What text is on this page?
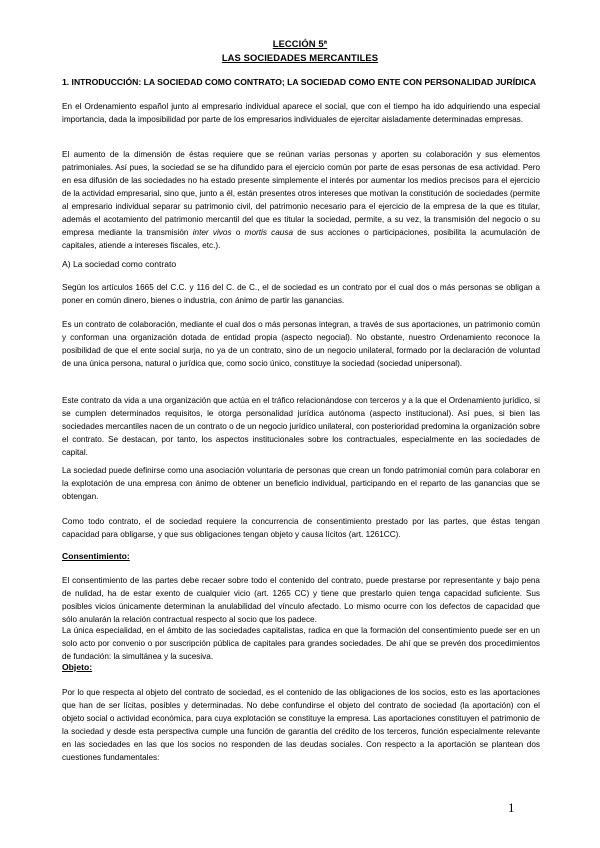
LECCIÓN 5ª
LAS SOCIEDADES MERCANTILES
1. INTRODUCCIÓN: LA SOCIEDAD COMO CONTRATO; LA SOCIEDAD COMO ENTE CON PERSONALIDAD JURÍDICA
En el Ordenamiento español junto al empresario individual aparece el social, que con el tiempo ha ido adquiriendo una especial importancia, dada la imposibilidad por parte de los empresarios individuales de ejercitar aisladamente determinadas empresas.
El aumento de la dimensión de éstas requiere que se reúnan varias personas y aporten su colaboración y sus elementos patrimoniales. Así pues, la sociedad se se ha difundido para el ejercicio común por parte de esas personas de esa actividad. Pero en esa difusión de las sociedades no ha estado presente simplemente el interés por aumentar los medios precisos para el ejercicio de la actividad empresarial, sino que, junto a él, están presentes otros intereses que motivan la constitución de sociedades (permite al empresario individual separar su patrimonio civil, del patrimonio necesario para el ejercicio de la empresa de la que es titular, además el acotamiento del patrimonio mercantil del que es titular la sociedad, permite, a su vez, la transmisión del negocio o su empresa mediante la transmisión inter vivos o mortis causa de sus acciones o participaciones, posibilita la acumulación de capitales, atiende a intereses fiscales, etc.).
A) La sociedad como contrato
Según los artículos 1665 del C.C. y 116 del C. de C., el de sociedad es un contrato por el cual dos o más personas se obligan a poner en común dinero, bienes o industria, con ánimo de partir las ganancias.
Es un contrato de colaboración, mediante el cual dos o más personas integran, a través de sus aportaciones, un patrimonio común y conforman una organización dotada de entidad propia (aspecto negocial). No obstante, nuestro Ordenamiento reconoce la posibilidad de que el ente social surja, no ya de un contrato, sino de un negocio unilateral, formado por la declaración de voluntad de una única persona, natural o jurídica que, como socio único, constituye la sociedad (sociedad unipersonal).
Este contrato da vida a una organización que actúa en el tráfico relacionándose con terceros y a la que el Ordenamiento jurídico, si se cumplen determinados requisitos, le otorga personalidad jurídica autónoma (aspecto institucional). Así pues, si bien las sociedades mercantiles nacen de un contrato o de un negocio jurídico unilateral, con posterioridad predomina la organización sobre el contrato. Se destacan, por tanto, los aspectos institucionales sobre los contractuales, especialmente en las sociedades de capital.
La sociedad puede definirse como una asociación voluntaria de personas que crean un fondo patrimonial común para colaborar en la explotación de una empresa con ánimo de obtener un beneficio individual, participando en el reparto de las ganancias que se obtengan.
Como todo contrato, el de sociedad requiere la concurrencia de consentimiento prestado por las partes, que éstas tengan capacidad para obligarse, y que sus obligaciones tengan objeto y causa lícitos (art. 1261CC).
Consentimiento:
El consentimiento de las partes debe recaer sobre todo el contenido del contrato, puede prestarse por representante y bajo pena de nulidad, ha de estar exento de cualquier vicio (art. 1265 CC) y tiene que prestarlo quien tenga capacidad suficiente. Sus posibles vicios únicamente determinan la anulabilidad del vínculo afectado. Lo mismo ocurre con los defectos de capacidad que sólo anularán la relación contractual respecto al socio que los padece.
La única especialidad, en el ámbito de las sociedades capitalistas, radica en que la formación del consentimiento puede ser en un solo acto por convenio o por suscripción pública de capitales para grandes sociedades. De ahí que se prevén dos procedimientos de fundación: la simultánea y la sucesiva.
Objeto:
Por lo que respecta al objeto del contrato de sociedad, es el contenido de las obligaciones de los socios, esto es las aportaciones que han de ser lícitas, posibles y determinadas. No debe confundirse el objeto del contrato de sociedad (la aportación) con el objeto social o actividad económica, para cuya explotación se constituye la empresa. Las aportaciones constituyen el patrimonio de la sociedad y desde esta perspectiva cumple una función de garantía del crédito de los terceros, función especialmente relevante en las sociedades en las que los socios no responden de las deudas sociales. Con respecto a la aportación se plantean dos cuestiones fundamentales:
1
